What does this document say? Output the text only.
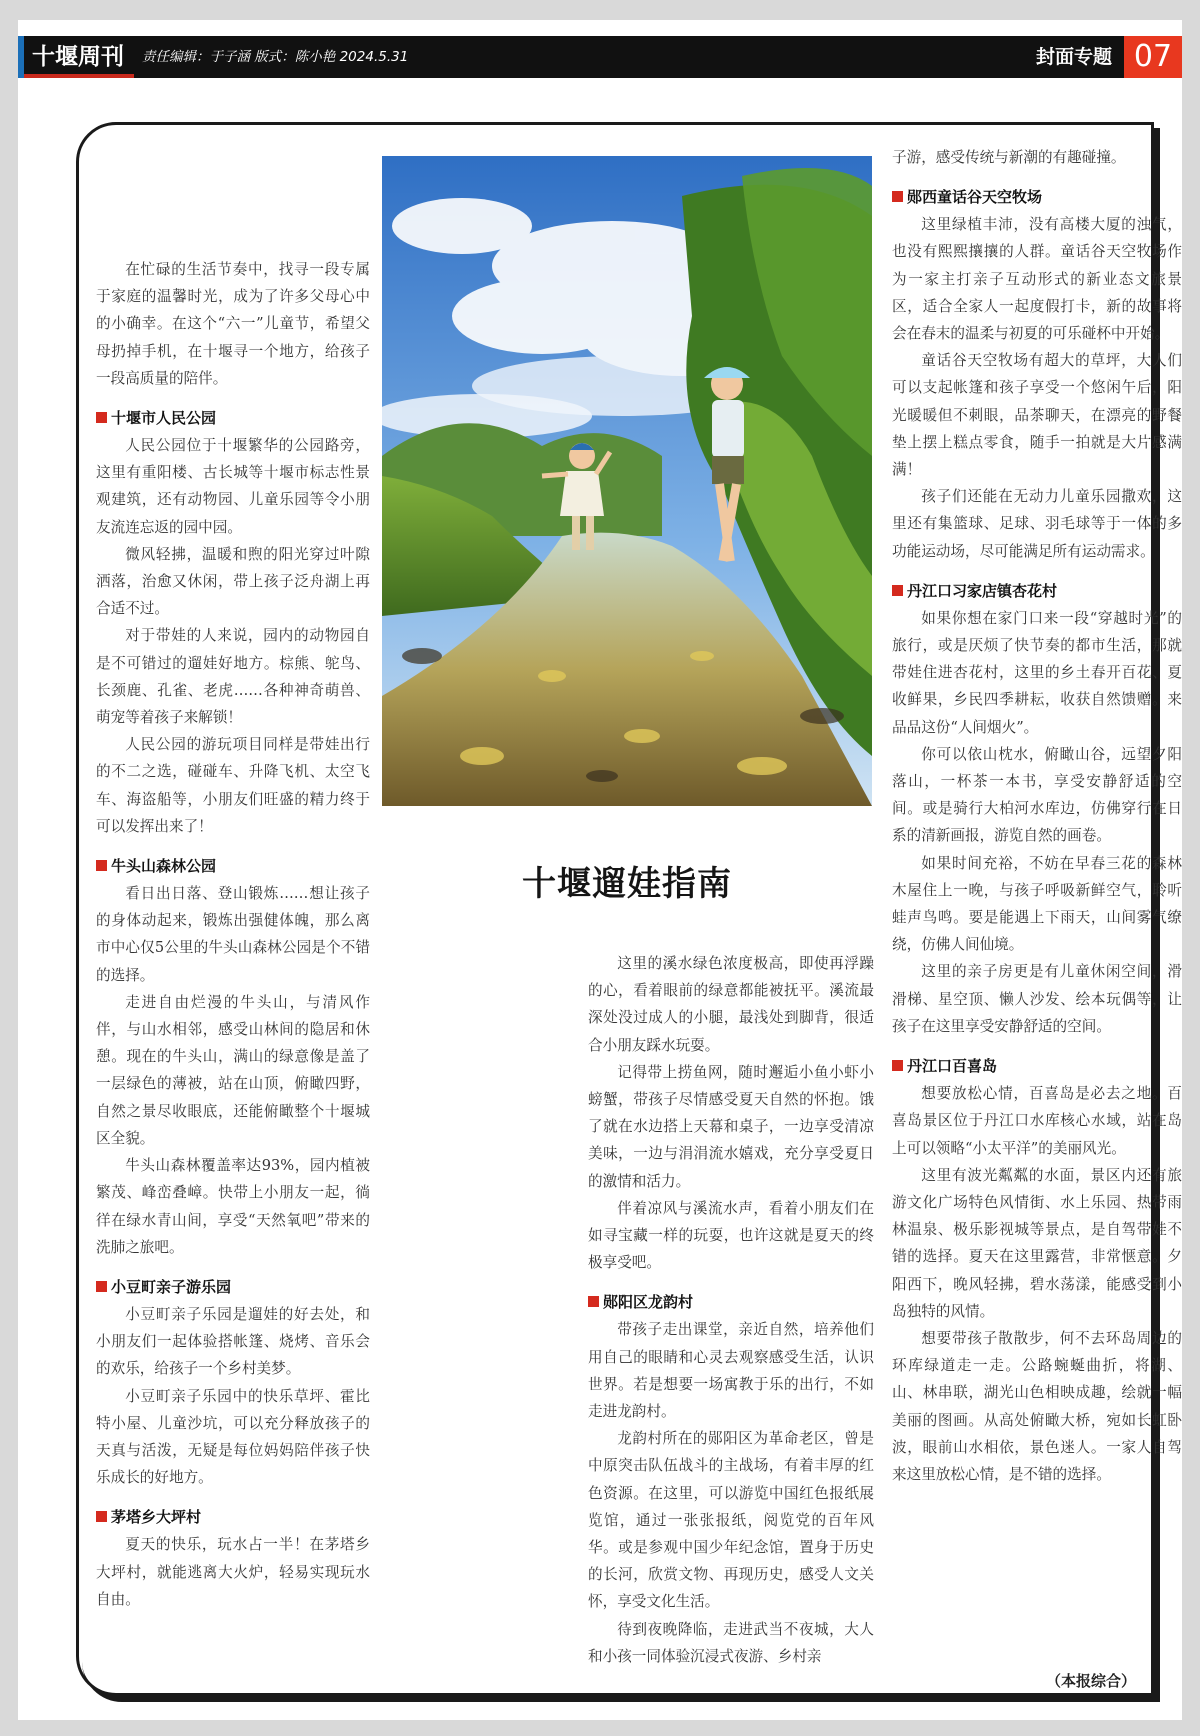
十堰周刊 责任编辑：于子涵 版式：陈小艳 2024.5.31	封面专题 07
十堰遛娃指南

在忙碌的生活节奏中，找寻一段专属于家庭的温馨时光，成为了许多父母心中的小确幸。在这个“六一”儿童节，希望父母扔掉手机，在十堰寻一个地方，给孩子一段高质量的陪伴。

十堰市人民公园

人民公园位于十堰繁华的公园路旁，这里有重阳楼、古长城等十堰市标志性景观建筑，还有动物园、儿童乐园等令小朋友流连忘返的园中园。

微风轻拂，温暖和煦的阳光穿过叶隙洒落，治愈又休闲，带上孩子泛舟湖上再合适不过。

对于带娃的人来说，园内的动物园自是不可错过的遛娃好地方。棕熊、鸵鸟、长颈鹿、孔雀、老虎……各种神奇萌兽、萌宠等着孩子来解锁！

人民公园的游玩项目同样是带娃出行的不二之选，碰碰车、升降飞机、太空飞车、海盗船等，小朋友们旺盛的精力终于可以发挥出来了！

牛头山森林公园

看日出日落、登山锻炼……想让孩子的身体动起来，锻炼出强健体魄，那么离市中心仅5公里的牛头山森林公园是个不错的选择。

走进自由烂漫的牛头山，与清风作伴，与山水相邻，感受山林间的隐居和休憩。现在的牛头山，满山的绿意像是盖了一层绿色的薄被，站在山顶，俯瞰四野，自然之景尽收眼底，还能俯瞰整个十堰城区全貌。

牛头山森林覆盖率达93%，园内植被繁茂、峰峦叠嶂。快带上小朋友一起，徜徉在绿水青山间，享受“天然氧吧”带来的洗肺之旅吧。

小豆町亲子游乐园

小豆町亲子乐园是遛娃的好去处，和小朋友们一起体验搭帐篷、烧烤、音乐会的欢乐，给孩子一个乡村美梦。

小豆町亲子乐园中的快乐草坪、霍比特小屋、儿童沙坑，可以充分释放孩子的天真与活泼，无疑是每位妈妈陪伴孩子快乐成长的好地方。

茅塔乡大坪村

夏天的快乐，玩水占一半！在茅塔乡大坪村，就能逃离大火炉，轻易实现玩水自由。

这里的溪水绿色浓度极高，即使再浮躁的心，看着眼前的绿意都能被抚平。溪流最深处没过成人的小腿，最浅处到脚背，很适合小朋友踩水玩耍。

记得带上捞鱼网，随时邂逅小鱼小虾小螃蟹，带孩子尽情感受夏天自然的怀抱。饿了就在水边搭上天幕和桌子，一边享受清凉美味，一边与涓涓流水嬉戏，充分享受夏日的激情和活力。

伴着凉风与溪流水声，看着小朋友们在如寻宝藏一样的玩耍，也许这就是夏天的终极享受吧。

郧阳区龙韵村

带孩子走出课堂，亲近自然，培养他们用自己的眼睛和心灵去观察感受生活，认识世界。若是想要一场寓教于乐的出行，不如走进龙韵村。

龙韵村所在的郧阳区为革命老区，曾是中原突击队伍战斗的主战场，有着丰厚的红色资源。在这里，可以游览中国红色报纸展览馆，通过一张张报纸，阅览党的百年风华。或是参观中国少年纪念馆，置身于历史的长河，欣赏文物、再现历史，感受人文关怀，享受文化生活。

待到夜晚降临，走进武当不夜城，大人和小孩一同体验沉浸式夜游、乡村亲

子游，感受传统与新潮的有趣碰撞。

郧西童话谷天空牧场

这里绿植丰沛，没有高楼大厦的浊气，也没有熙熙攘攘的人群。童话谷天空牧场作为一家主打亲子互动形式的新业态文旅景区，适合全家人一起度假打卡，新的故事将会在春末的温柔与初夏的可乐碰杯中开始。

童话谷天空牧场有超大的草坪，大人们可以支起帐篷和孩子享受一个悠闲午后，阳光暖暖但不刺眼，品茶聊天，在漂亮的野餐垫上摆上糕点零食，随手一拍就是大片感满满！

孩子们还能在无动力儿童乐园撒欢，这里还有集篮球、足球、羽毛球等于一体的多功能运动场，尽可能满足所有运动需求。

丹江口习家店镇杏花村

如果你想在家门口来一段“穿越时光”的旅行，或是厌烦了快节奏的都市生活，那就带娃住进杏花村，这里的乡土春开百花、夏收鲜果，乡民四季耕耘，收获自然馈赠。来品品这份“人间烟火”。

你可以依山枕水，俯瞰山谷，远望夕阳落山，一杯茶一本书，享受安静舒适的空间。或是骑行大柏河水库边，仿佛穿行在日系的清新画报，游览自然的画卷。

如果时间充裕，不妨在早春三花的森林木屋住上一晚，与孩子呼吸新鲜空气，聆听蛙声鸟鸣。要是能遇上下雨天，山间雾气缭绕，仿佛人间仙境。

这里的亲子房更是有儿童休闲空间，滑滑梯、星空顶、懒人沙发、绘本玩偶等，让孩子在这里享受安静舒适的空间。

丹江口百喜岛

想要放松心情，百喜岛是必去之地。百喜岛景区位于丹江口水库核心水域，站在岛上可以领略“小太平洋”的美丽风光。

这里有波光粼粼的水面，景区内还有旅游文化广场特色风情街、水上乐园、热带雨林温泉、极乐影视城等景点，是自驾带娃不错的选择。夏天在这里露营，非常惬意。夕阳西下，晚风轻拂，碧水荡漾，能感受到小岛独特的风情。

想要带孩子散散步，何不去环岛周边的环库绿道走一走。公路蜿蜒曲折，将湖、山、林串联，湖光山色相映成趣，绘就一幅美丽的图画。从高处俯瞰大桥，宛如长虹卧波，眼前山水相依，景色迷人。一家人自驾来这里放松心情，是不错的选择。

（本报综合）
